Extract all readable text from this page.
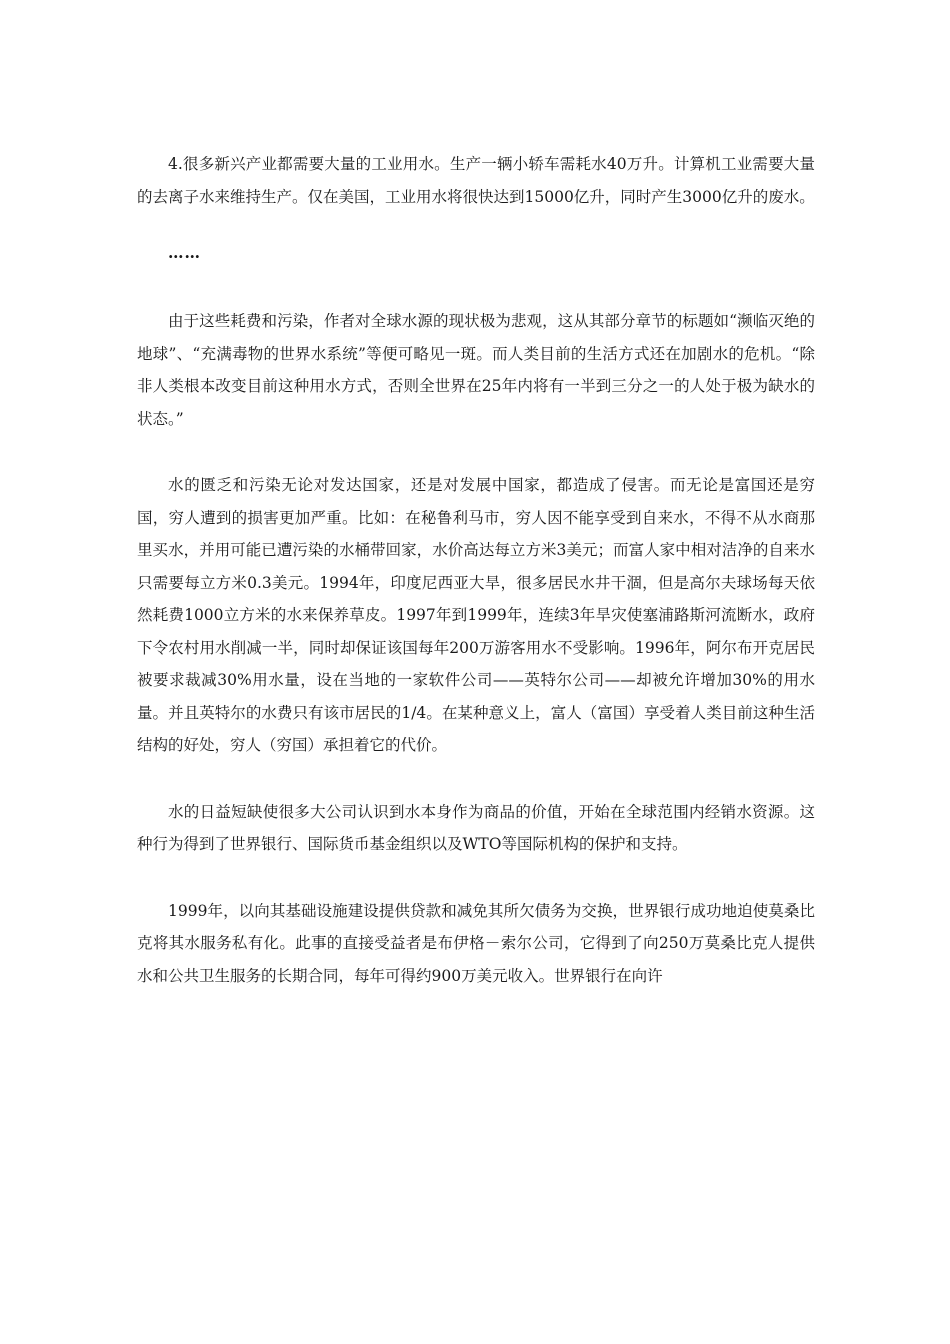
4.很多新兴产业都需要大量的工业用水。生产一辆小轿车需耗水40万升。计算机工业需要大量的去离子水来维持生产。仅在美国，工业用水将很快达到15000亿升，同时产生3000亿升的废水。

……

由于这些耗费和污染，作者对全球水源的现状极为悲观，这从其部分章节的标题如“濒临灭绝的地球”、“充满毒物的世界水系统”等便可略见一斑。而人类目前的生活方式还在加剧水的危机。“除非人类根本改变目前这种用水方式，否则全世界在25年内将有一半到三分之一的人处于极为缺水的状态。”

水的匮乏和污染无论对发达国家，还是对发展中国家，都造成了侵害。而无论是富国还是穷国，穷人遭到的损害更加严重。比如：在秘鲁利马市，穷人因不能享受到自来水，不得不从水商那里买水，并用可能已遭污染的水桶带回家，水价高达每立方米3美元；而富人家中相对洁净的自来水只需要每立方米0.3美元。1994年，印度尼西亚大旱，很多居民水井干涸，但是高尔夫球场每天依然耗费1000立方米的水来保养草皮。1997年到1999年，连续3年旱灾使塞浦路斯河流断水，政府下令农村用水削减一半，同时却保证该国每年200万游客用水不受影响。1996年，阿尔布开克居民被要求裁减30%用水量，设在当地的一家软件公司——英特尔公司——却被允许增加30%的用水量。并且英特尔的水费只有该市居民的1/4。在某种意义上，富人（富国）享受着人类目前这种生活结构的好处，穷人（穷国）承担着它的代价。

水的日益短缺使很多大公司认识到水本身作为商品的价值，开始在全球范围内经销水资源。这种行为得到了世界银行、国际货币基金组织以及WTO等国际机构的保护和支持。

1999年，以向其基础设施建设提供贷款和减免其所欠债务为交换，世界银行成功地迫使莫桑比克将其水服务私有化。此事的直接受益者是布伊格－索尔公司，它得到了向250万莫桑比克人提供水和公共卫生服务的长期合同，每年可得约900万美元收入。世界银行在向许
